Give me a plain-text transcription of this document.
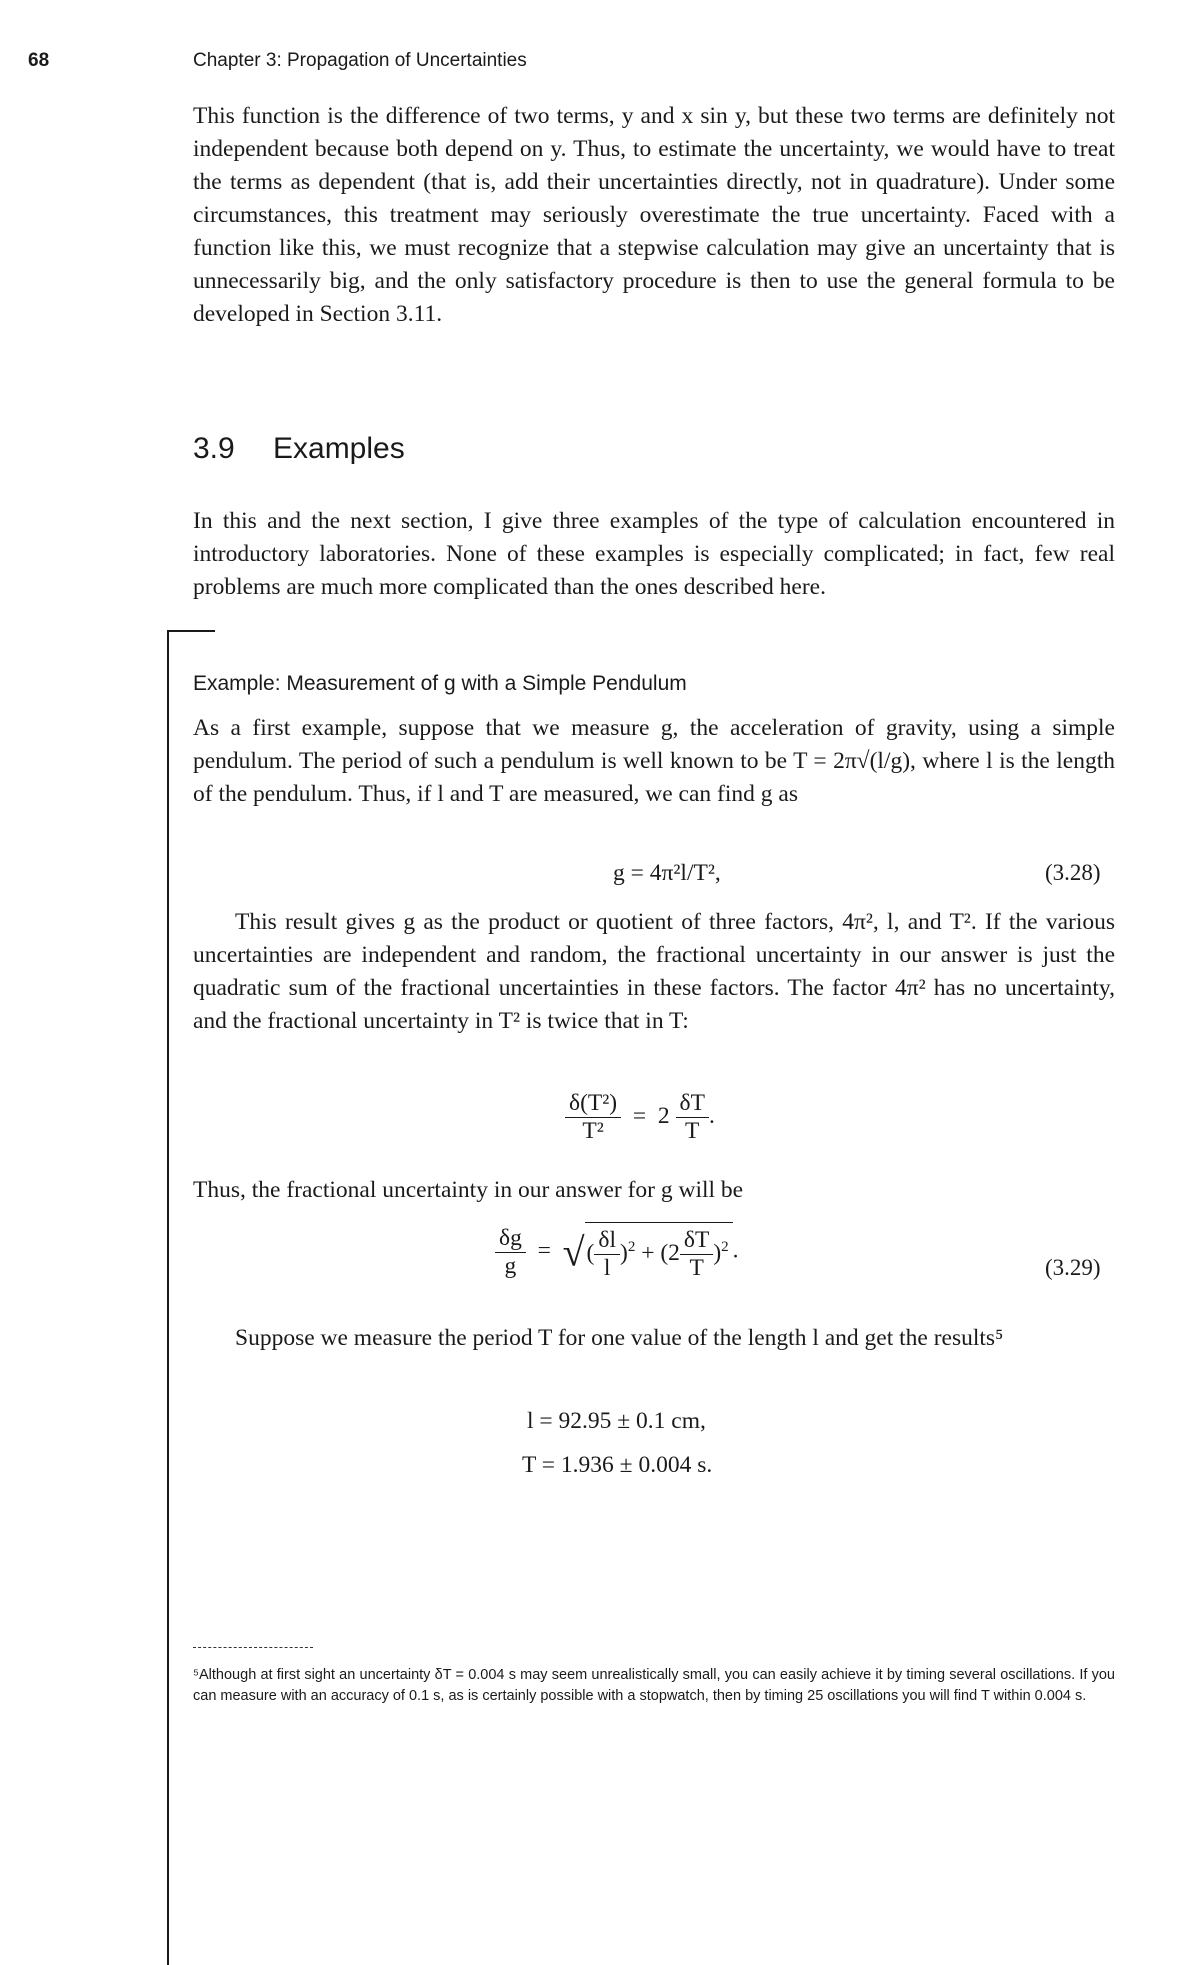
68	Chapter 3: Propagation of Uncertainties

This function is the difference of two terms, y and x sin y, but these two terms are definitely not independent because both depend on y. Thus, to estimate the uncertainty, we would have to treat the terms as dependent (that is, add their uncertainties directly, not in quadrature). Under some circumstances, this treatment may seriously overestimate the true uncertainty. Faced with a function like this, we must recognize that a stepwise calculation may give an uncertainty that is unnecessarily big, and the only satisfactory procedure is then to use the general formula to be developed in Section 3.11.

3.9 Examples

In this and the next section, I give three examples of the type of calculation encountered in introductory laboratories. None of these examples is especially complicated; in fact, few real problems are much more complicated than the ones described here.

Example: Measurement of g with a Simple Pendulum

As a first example, suppose that we measure g, the acceleration of gravity, using a simple pendulum. The period of such a pendulum is well known to be T = 2π√(l/g), where l is the length of the pendulum. Thus, if l and T are measured, we can find g as

g = 4π²l/T²,	(3.28)

This result gives g as the product or quotient of three factors, 4π², l, and T². If the various uncertainties are independent and random, the fractional uncertainty in our answer is just the quadratic sum of the fractional uncertainties in these factors. The factor 4π² has no uncertainty, and the fractional uncertainty in T² is twice that in T:

$\frac{\text{δ(T²)}}{\text{T²}} = 2 \frac{\delta T}{T}$ .

Thus, the fractional uncertainty in our answer for g will be

$\frac{\delta g}{g}$ = √( $\frac{\delta l}{l} )^2 + (2 \frac{\delta T}{T} )^2$ .
(3.29)

Suppose we measure the period T for one value of the length l and get the results⁵

l = 92.95 ± 0.1 cm,
T = 1.936 ± 0.004 s.

⁵Although at first sight an uncertainty δT = 0.004 s may seem unrealistically small, you can easily achieve it by timing several oscillations. If you can measure with an accuracy of 0.1 s, as is certainly possible with a stopwatch, then by timing 25 oscillations you will find T within 0.004 s.
